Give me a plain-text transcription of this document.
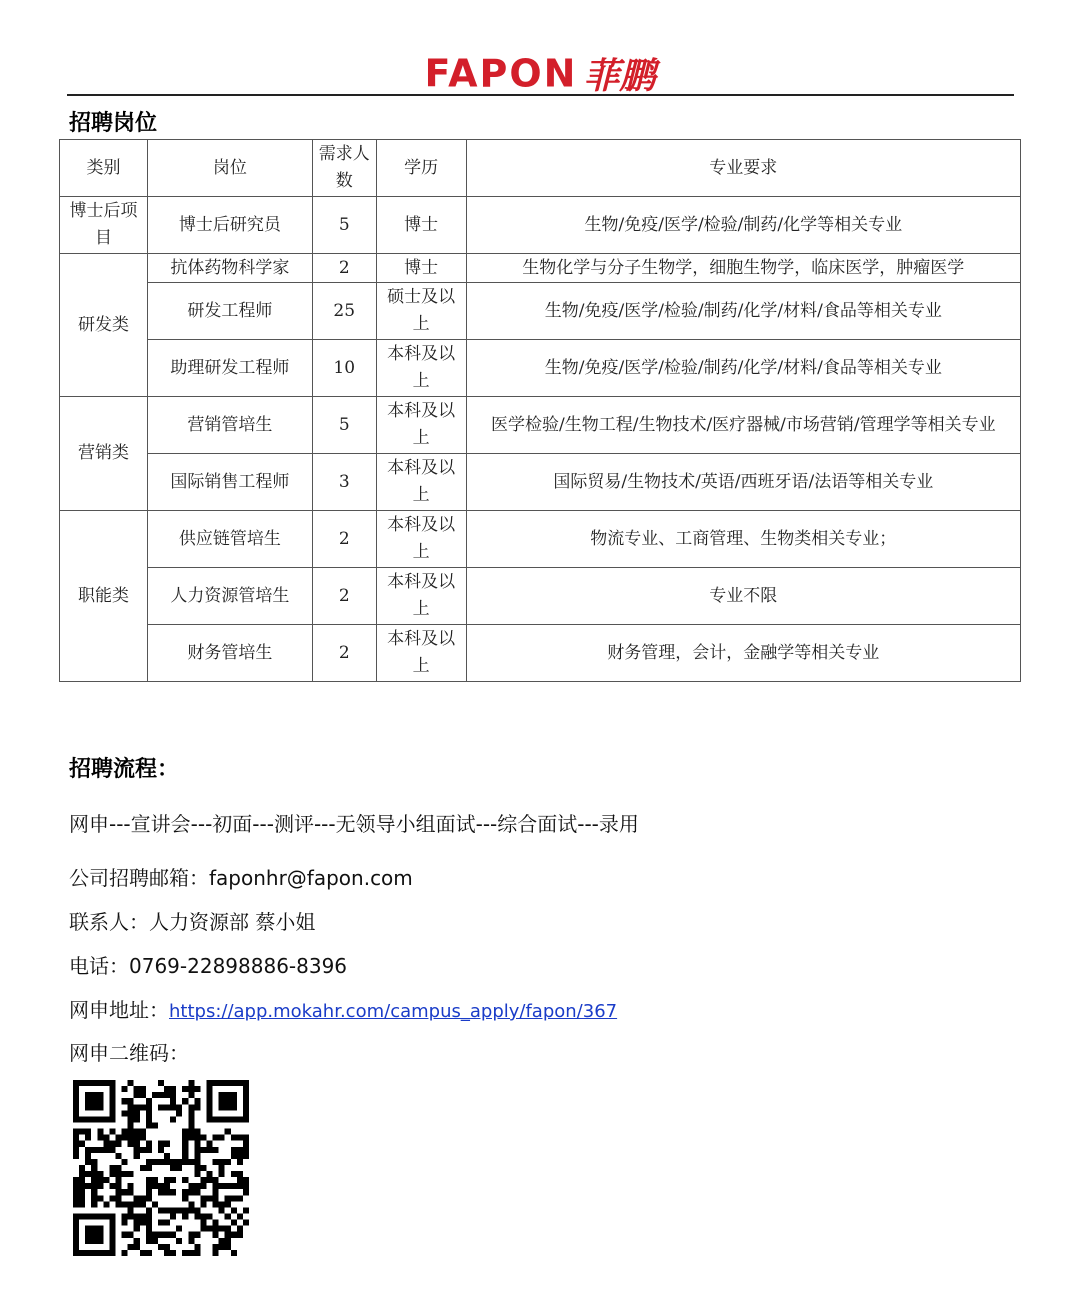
FAPON 菲鹏
招聘岗位
类别	岗位	需求人数	学历	专业要求
博士后项目	博士后研究员	5	博士	生物/免疫/医学/检验/制药/化学等相关专业
研发类	抗体药物科学家	2	博士	生物化学与分子生物学，细胞生物学，临床医学，肿瘤医学
	研发工程师	25	硕士及以上	生物/免疫/医学/检验/制药/化学/材料/食品等相关专业
	助理研发工程师	10	本科及以上	生物/免疫/医学/检验/制药/化学/材料/食品等相关专业
营销类	营销管培生	5	本科及以上	医学检验/生物工程/生物技术/医疗器械/市场营销/管理学等相关专业
	国际销售工程师	3	本科及以上	国际贸易/生物技术/英语/西班牙语/法语等相关专业
职能类	供应链管培生	2	本科及以上	物流专业、工商管理、生物类相关专业；
	人力资源管培生	2	本科及以上	专业不限
	财务管培生	2	本科及以上	财务管理，会计，金融学等相关专业
招聘流程：
网申---宣讲会---初面---测评---无领导小组面试---综合面试---录用
公司招聘邮箱：faponhr@fapon.com
联系人：人力资源部 蔡小姐
电话：0769-22898886-8396
网申地址：https://app.mokahr.com/campus_apply/fapon/367
网申二维码：
